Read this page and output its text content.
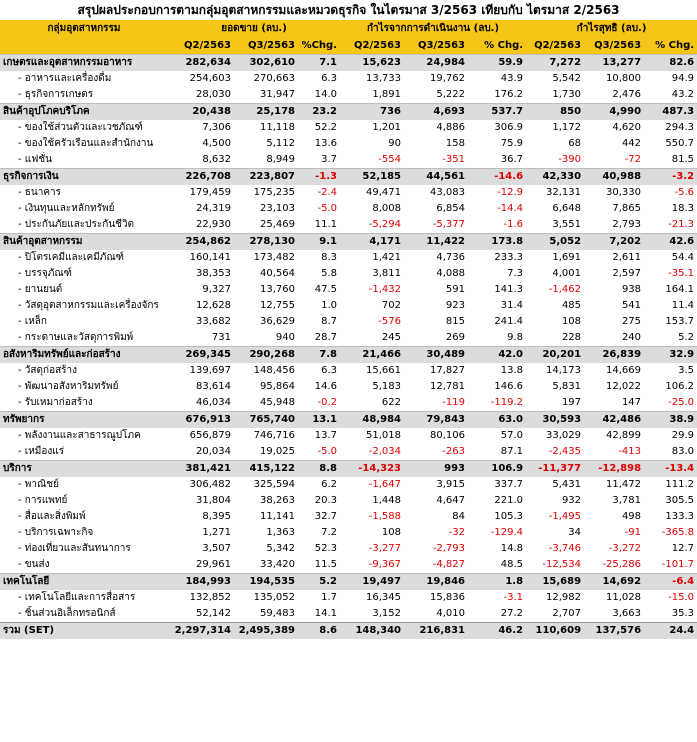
สรุปผลประกอบการตามกลุ่มอุตสาหกรรมและหมวดธุรกิจ ในไตรมาส 3/2563 เทียบกับ ไตรมาส 2/2563
กลุ่มอุตสาหกรรม	ยอดขาย (ลบ.)			กำไรจากการดำเนินงาน (ลบ.)			กำไรสุทธิ (ลบ.)		
	Q2/2563	Q3/2563	%Chg.	Q2/2563	Q3/2563	% Chg.	Q2/2563	Q3/2563	% Chg.
เกษตรและอุตสาหกรรมอาหาร	282,634	302,610	7.1	15,623	24,984	59.9	7,272	13,277	82.6
- อาหารและเครื่องดื่ม	254,603	270,663	6.3	13,733	19,762	43.9	5,542	10,800	94.9
- ธุรกิจการเกษตร	28,030	31,947	14.0	1,891	5,222	176.2	1,730	2,476	43.2
สินค้าอุปโภคบริโภค	20,438	25,178	23.2	736	4,693	537.7	850	4,990	487.3
- ของใช้ส่วนตัวและเวชภัณฑ์	7,306	11,118	52.2	1,201	4,886	306.9	1,172	4,620	294.3
- ของใช้ครัวเรือนและสำนักงาน	4,500	5,112	13.6	90	158	75.9	68	442	550.7
- แฟชั่น	8,632	8,949	3.7	-554	-351	36.7	-390	-72	81.5
ธุรกิจการเงิน	226,708	223,807	-1.3	52,185	44,561	-14.6	42,330	40,988	-3.2
- ธนาคาร	179,459	175,235	-2.4	49,471	43,083	-12.9	32,131	30,330	-5.6
- เงินทุนและหลักทรัพย์	24,319	23,103	-5.0	8,008	6,854	-14.4	6,648	7,865	18.3
- ประกันภัยและประกันชีวิต	22,930	25,469	11.1	-5,294	-5,377	-1.6	3,551	2,793	-21.3
สินค้าอุตสาหกรรม	254,862	278,130	9.1	4,171	11,422	173.8	5,052	7,202	42.6
- ปิโตรเคมีและเคมีภัณฑ์	160,141	173,482	8.3	1,421	4,736	233.3	1,691	2,611	54.4
- บรรจุภัณฑ์	38,353	40,564	5.8	3,811	4,088	7.3	4,001	2,597	-35.1
- ยานยนต์	9,327	13,760	47.5	-1,432	591	141.3	-1,462	938	164.1
- วัสดุอุตสาหกรรมและเครื่องจักร	12,628	12,755	1.0	702	923	31.4	485	541	11.4
- เหล็ก	33,682	36,629	8.7	-576	815	241.4	108	275	153.7
- กระดาษและวัสดุการพิมพ์	731	940	28.7	245	269	9.8	228	240	5.2
อสังหาริมทรัพย์และก่อสร้าง	269,345	290,268	7.8	21,466	30,489	42.0	20,201	26,839	32.9
- วัสดุก่อสร้าง	139,697	148,456	6.3	15,661	17,827	13.8	14,173	14,669	3.5
- พัฒนาอสังหาริมทรัพย์	83,614	95,864	14.6	5,183	12,781	146.6	5,831	12,022	106.2
- รับเหมาก่อสร้าง	46,034	45,948	-0.2	622	-119	-119.2	197	147	-25.0
ทรัพยากร	676,913	765,740	13.1	48,984	79,843	63.0	30,593	42,486	38.9
- พลังงานและสาธารณูปโภค	656,879	746,716	13.7	51,018	80,106	57.0	33,029	42,899	29.9
- เหมืองแร่	20,034	19,025	-5.0	-2,034	-263	87.1	-2,435	-413	83.0
บริการ	381,421	415,122	8.8	-14,323	993	106.9	-11,377	-12,898	-13.4
- พาณิชย์	306,482	325,594	6.2	-1,647	3,915	337.7	5,431	11,472	111.2
- การแพทย์	31,804	38,263	20.3	1,448	4,647	221.0	932	3,781	305.5
- สื่อและสิ่งพิมพ์	8,395	11,141	32.7	-1,588	84	105.3	-1,495	498	133.3
- บริการเฉพาะกิจ	1,271	1,363	7.2	108	-32	-129.4	34	-91	-365.8
- ท่องเที่ยวและสันทนาการ	3,507	5,342	52.3	-3,277	-2,793	14.8	-3,746	-3,272	12.7
- ขนส่ง	29,961	33,420	11.5	-9,367	-4,827	48.5	-12,534	-25,286	-101.7
เทคโนโลยี	184,993	194,535	5.2	19,497	19,846	1.8	15,689	14,692	-6.4
- เทคโนโลยีและการสื่อสาร	132,852	135,052	1.7	16,345	15,836	-3.1	12,982	11,028	-15.0
- ชิ้นส่วนอิเล็กทรอนิกส์	52,142	59,483	14.1	3,152	4,010	27.2	2,707	3,663	35.3
รวม (SET)	2,297,314	2,495,389	8.6	148,340	216,831	46.2	110,609	137,576	24.4
